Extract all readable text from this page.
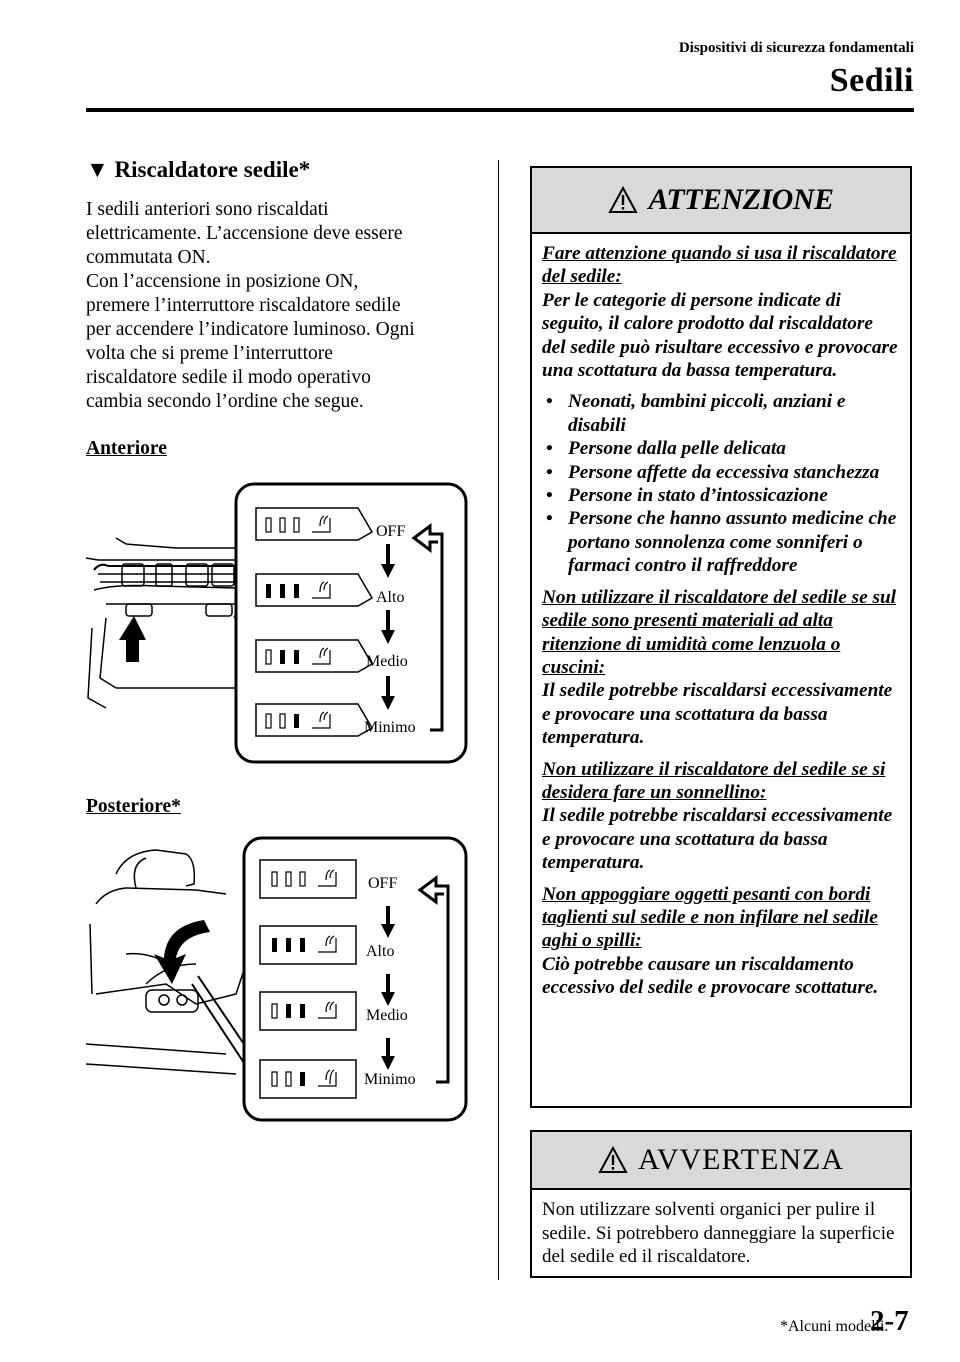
Dispositivi di sicurezza fondamentali
Sedili
▼ Riscaldatore sedile*
I sedili anteriori sono riscaldati
elettricamente. L’accensione deve essere
commutata ON.
Con l’accensione in posizione ON,
premere l’interruttore riscaldatore sedile
per accendere l’indicatore luminoso. Ogni
volta che si preme l’interruttore
riscaldatore sedile il modo operativo
cambia secondo l’ordine che segue.
Anteriore
OFF
Alto
Medio
Minimo
Posteriore*
OFF
Alto
Medio
Minimo
ATTENZIONE

Fare attenzione quando si usa il riscaldatore del sedile:
Per le categorie di persone indicate di seguito, il calore prodotto dal riscaldatore del sedile può risultare eccessivo e provocare una scottatura da bassa temperatura.

• Neonati, bambini piccoli, anziani e disabili
• Persone dalla pelle delicata
• Persone affette da eccessiva stanchezza
• Persone in stato d’intossicazione
• Persone che hanno assunto medicine che portano sonnolenza come sonniferi o farmaci contro il raffreddore

Non utilizzare il riscaldatore del sedile se sul sedile sono presenti materiali ad alta ritenzione di umidità come lenzuola o cuscini:
Il sedile potrebbe riscaldarsi eccessivamente e provocare una scottatura da bassa temperatura.

Non utilizzare il riscaldatore del sedile se si desidera fare un sonnellino:
Il sedile potrebbe riscaldarsi eccessivamente e provocare una scottatura da bassa temperatura.

Non appoggiare oggetti pesanti con bordi taglienti sul sedile e non infilare nel sedile aghi o spilli:
Ciò potrebbe causare un riscaldamento eccessivo del sedile e provocare scottature.

AVVERTENZA
Non utilizzare solventi organici per pulire il sedile. Si potrebbero danneggiare la superficie del sedile ed il riscaldatore.
*Alcuni modelli.
2-7
